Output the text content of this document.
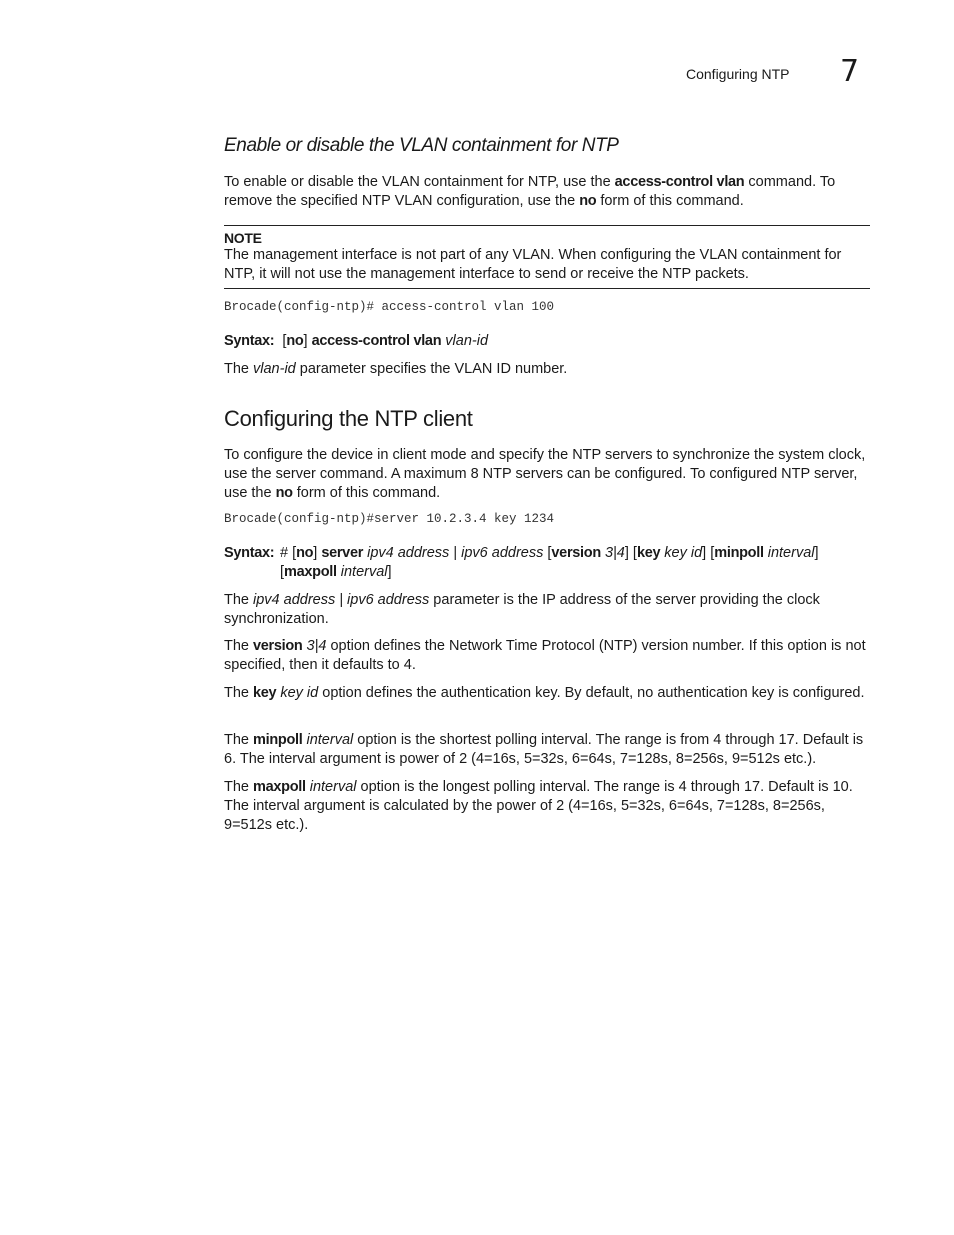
Configuring NTP 7
Enable or disable the VLAN containment for NTP

To enable or disable the VLAN containment for NTP, use the access-control vlan command. To remove the specified NTP VLAN configuration, use the no form of this command.

NOTE

The management interface is not part of any VLAN. When configuring the VLAN containment for NTP, it will not use the management interface to send or receive the NTP packets.

Brocade(config-ntp)# access-control vlan 100

Syntax: [no] access-control vlan vlan-id

The vlan-id parameter specifies the VLAN ID number.

Configuring the NTP client

To configure the device in client mode and specify the NTP servers to synchronize the system clock, use the server command. A maximum 8 NTP servers can be configured. To configured NTP server, use the no form of this command.

Brocade(config-ntp)#server 10.2.3.4 key 1234
Syntax: # [no] server ipv4 address | ipv6 address [version 3|4] [key key id] [minpoll interval]
[maxpoll interval]

The ipv4 address | ipv6 address parameter is the IP address of the server providing the clock synchronization.

The version 3|4 option defines the Network Time Protocol (NTP) version number. If this option is not specified, then it defaults to 4.

The key key id option defines the authentication key. By default, no authentication key is configured.

The minpoll interval option is the shortest polling interval. The range is from 4 through 17. Default is 6. The interval argument is power of 2 (4=16s, 5=32s, 6=64s, 7=128s, 8=256s, 9=512s etc.).

The maxpoll interval option is the longest polling interval. The range is 4 through 17. Default is 10. The interval argument is calculated by the power of 2 (4=16s, 5=32s, 6=64s, 7=128s, 8=256s, 9=512s etc.).
